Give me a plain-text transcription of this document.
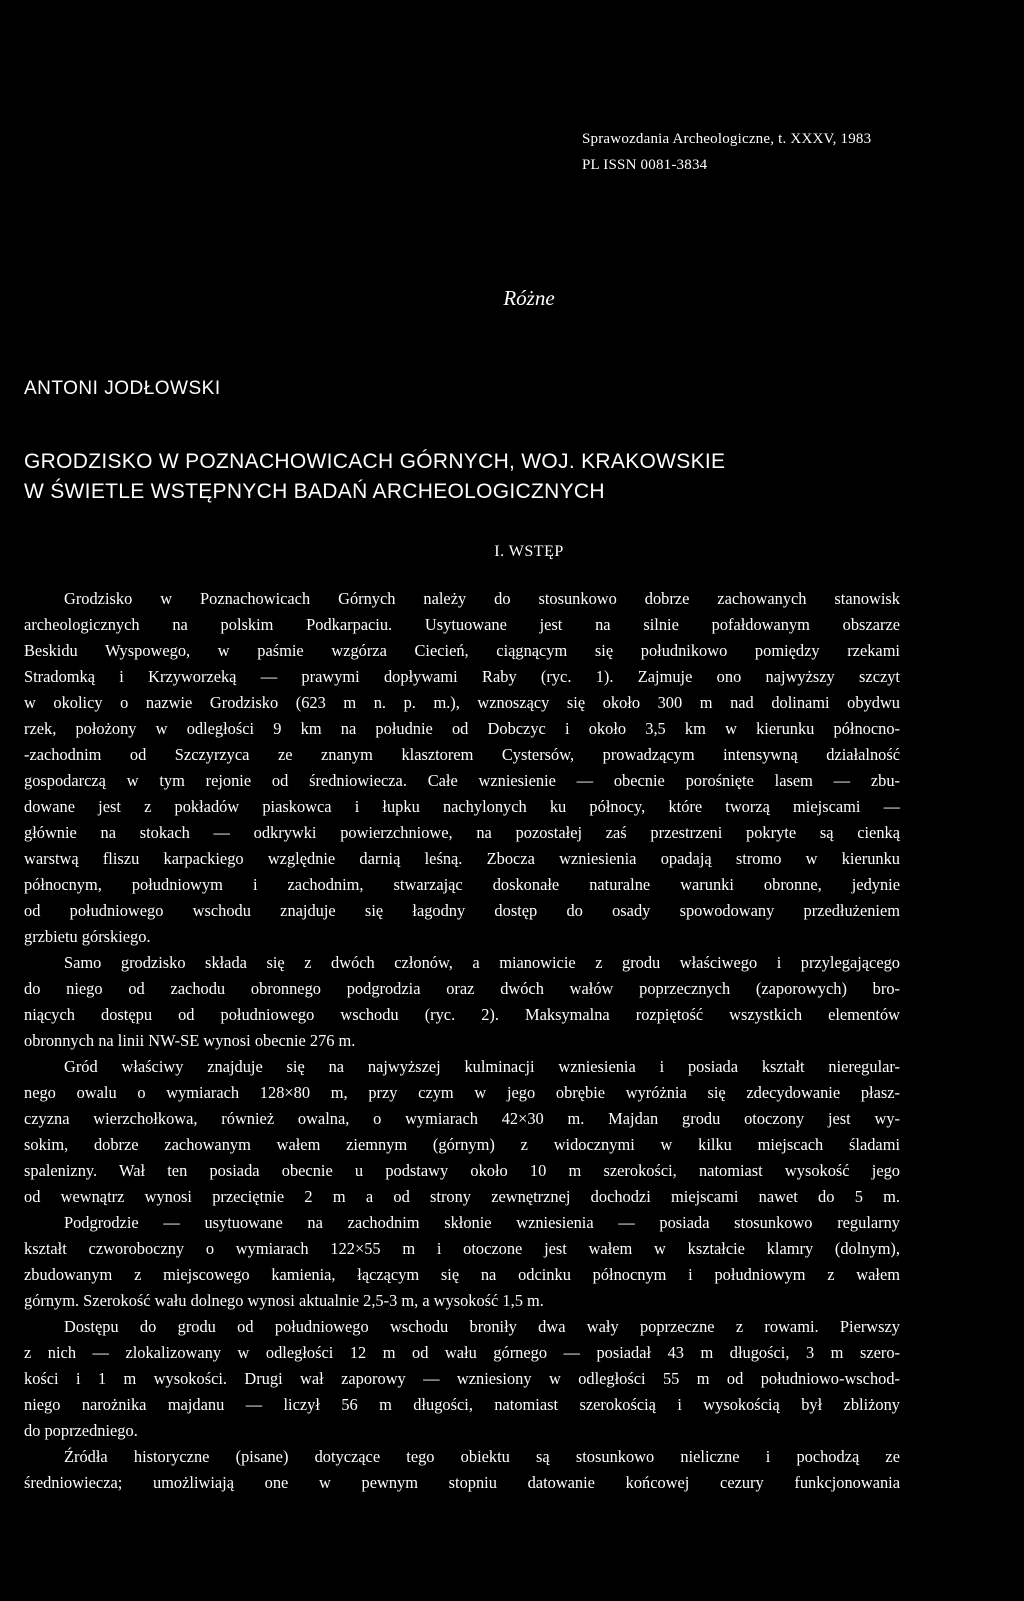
Sprawozdania Archeologiczne, t. XXXV, 1983
PL ISSN 0081-3834
Różne
ANTONI JODŁOWSKI
GRODZISKO W POZNACHOWICACH GÓRNYCH, WOJ. KRAKOWSKIE
W ŚWIETLE WSTĘPNYCH BADAŃ ARCHEOLOGICZNYCH
I. WSTĘP
Grodzisko w Poznachowicach Górnych należy do stosunkowo dobrze zachowanych stanowisk
archeologicznych na polskim Podkarpaciu. Usytuowane jest na silnie pofałdowanym obszarze
Beskidu Wyspowego, w paśmie wzgórza Ciecień, ciągnącym się południkowo pomiędzy rzekami
Stradomką i Krzyworzeką — prawymi dopływami Raby (ryc. 1). Zajmuje ono najwyższy szczyt
w okolicy o nazwie Grodzisko (623 m n. p. m.), wznoszący się około 300 m nad dolinami obydwu
rzek, położony w odległości 9 km na południe od Dobczyc i około 3,5 km w kierunku północno-
-zachodnim od Szczyrzyca ze znanym klasztorem Cystersów, prowadzącym intensywną działalność
gospodarczą w tym rejonie od średniowiecza. Całe wzniesienie — obecnie porośnięte lasem — zbu-
dowane jest z pokładów piaskowca i łupku nachylonych ku północy, które tworzą miejscami —
głównie na stokach — odkrywki powierzchniowe, na pozostałej zaś przestrzeni pokryte są cienką
warstwą fliszu karpackiego względnie darnią leśną. Zbocza wzniesienia opadają stromo w kierunku
północnym, południowym i zachodnim, stwarzając doskonałe naturalne warunki obronne, jedynie
od południowego wschodu znajduje się łagodny dostęp do osady spowodowany przedłużeniem
grzbietu górskiego.
Samo grodzisko składa się z dwóch członów, a mianowicie z grodu właściwego i przylegającego
do niego od zachodu obronnego podgrodzia oraz dwóch wałów poprzecznych (zaporowych) bro-
niących dostępu od południowego wschodu (ryc. 2). Maksymalna rozpiętość wszystkich elementów
obronnych na linii NW-SE wynosi obecnie 276 m.
Gród właściwy znajduje się na najwyższej kulminacji wzniesienia i posiada kształt nieregular-
nego owalu o wymiarach 128×80 m, przy czym w jego obrębie wyróżnia się zdecydowanie płasz-
czyzna wierzchołkowa, również owalna, o wymiarach 42×30 m. Majdan grodu otoczony jest wy-
sokim, dobrze zachowanym wałem ziemnym (górnym) z widocznymi w kilku miejscach śladami
spalenizny. Wał ten posiada obecnie u podstawy około 10 m szerokości, natomiast wysokość jego
od wewnątrz wynosi przeciętnie 2 m a od strony zewnętrznej dochodzi miejscami nawet do 5 m.
Podgrodzie — usytuowane na zachodnim skłonie wzniesienia — posiada stosunkowo regularny
kształt czworoboczny o wymiarach 122×55 m i otoczone jest wałem w kształcie klamry (dolnym),
zbudowanym z miejscowego kamienia, łączącym się na odcinku północnym i południowym z wałem
górnym. Szerokość wału dolnego wynosi aktualnie 2,5-3 m, a wysokość 1,5 m.
Dostępu do grodu od południowego wschodu broniły dwa wały poprzeczne z rowami. Pierwszy
z nich — zlokalizowany w odległości 12 m od wału górnego — posiadał 43 m długości, 3 m szero-
kości i 1 m wysokości. Drugi wał zaporowy — wzniesiony w odległości 55 m od południowo-wschod-
niego narożnika majdanu — liczył 56 m długości, natomiast szerokością i wysokością był zbliżony
do poprzedniego.
Źródła historyczne (pisane) dotyczące tego obiektu są stosunkowo nieliczne i pochodzą ze
średniowiecza; umożliwiają one w pewnym stopniu datowanie końcowej cezury funkcjonowania
